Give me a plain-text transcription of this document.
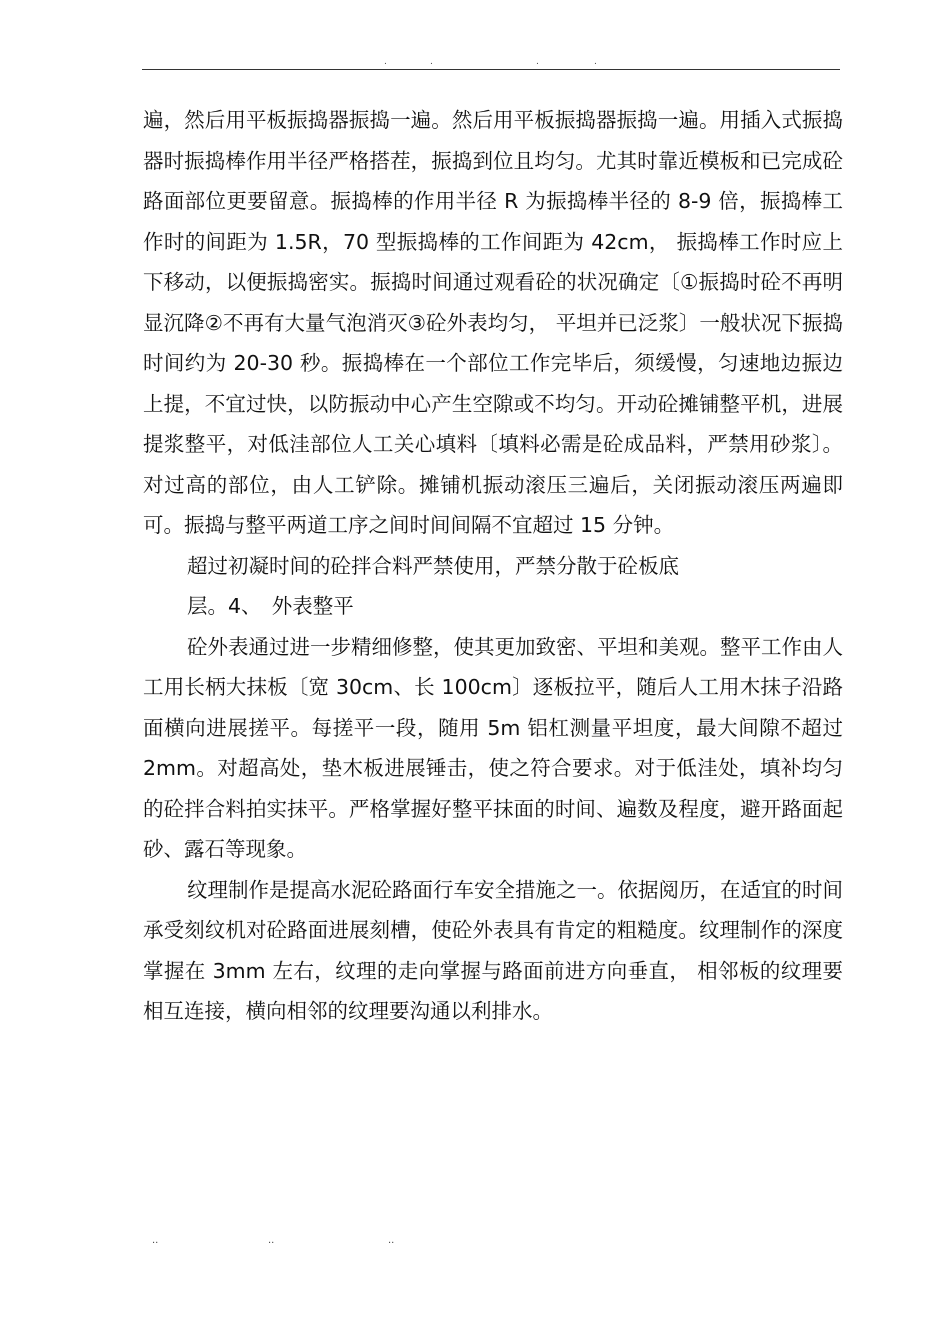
.	.	.	.

遍，然后用平板振捣器振捣一遍。然后用平板振捣器振捣一遍。用插入式振捣器时振捣棒作用半径严格搭茬，振捣到位且均匀。尤其时靠近模板和已完成砼路面部位更要留意。振捣棒的作用半径 R 为振捣棒半径的 8-9 倍，振捣棒工作时的间距为 1.5R，70 型振捣棒的工作间距为 42cm， 振捣棒工作时应上下移动，以便振捣密实。振捣时间通过观看砼的状况确定〔①振捣时砼不再明显沉降②不再有大量气泡消灭③砼外表均匀， 平坦并已泛浆〕一般状况下振捣时间约为 20-30 秒。振捣棒在一个部位工作完毕后，须缓慢，匀速地边振边上提，不宜过快，以防振动中心产生空隙或不均匀。开动砼摊铺整平机，进展提浆整平，对低洼部位人工关心填料〔填料必需是砼成品料，严禁用砂浆〕。对过高的部位，由人工铲除。摊铺机振动滚压三遍后，关闭振动滚压两遍即可。振捣与整平两道工序之间时间间隔不宜超过 15 分钟。

超过初凝时间的砼拌合料严禁使用，严禁分散于砼板底

层。4、　外表整平

砼外表通过进一步精细修整，使其更加致密、平坦和美观。整平工作由人工用长柄大抹板〔宽 30cm、长 100cm〕逐板拉平，随后人工用木抹子沿路面横向进展搓平。每搓平一段，随用 5m 铝杠测量平坦度，最大间隙不超过 2mm。对超高处，垫木板进展锤击，使之符合要求。对于低洼处，填补均匀的砼拌合料拍实抹平。严格掌握好整平抹面的时间、遍数及程度，避开路面起砂、露石等现象。

纹理制作是提高水泥砼路面行车安全措施之一。依据阅历，在适宜的时间承受刻纹机对砼路面进展刻槽，使砼外表具有肯定的粗糙度。纹理制作的深度掌握在 3mm 左右，纹理的走向掌握与路面前进方向垂直， 相邻板的纹理要相互连接，横向相邻的纹理要沟通以利排水。

..	..	..
